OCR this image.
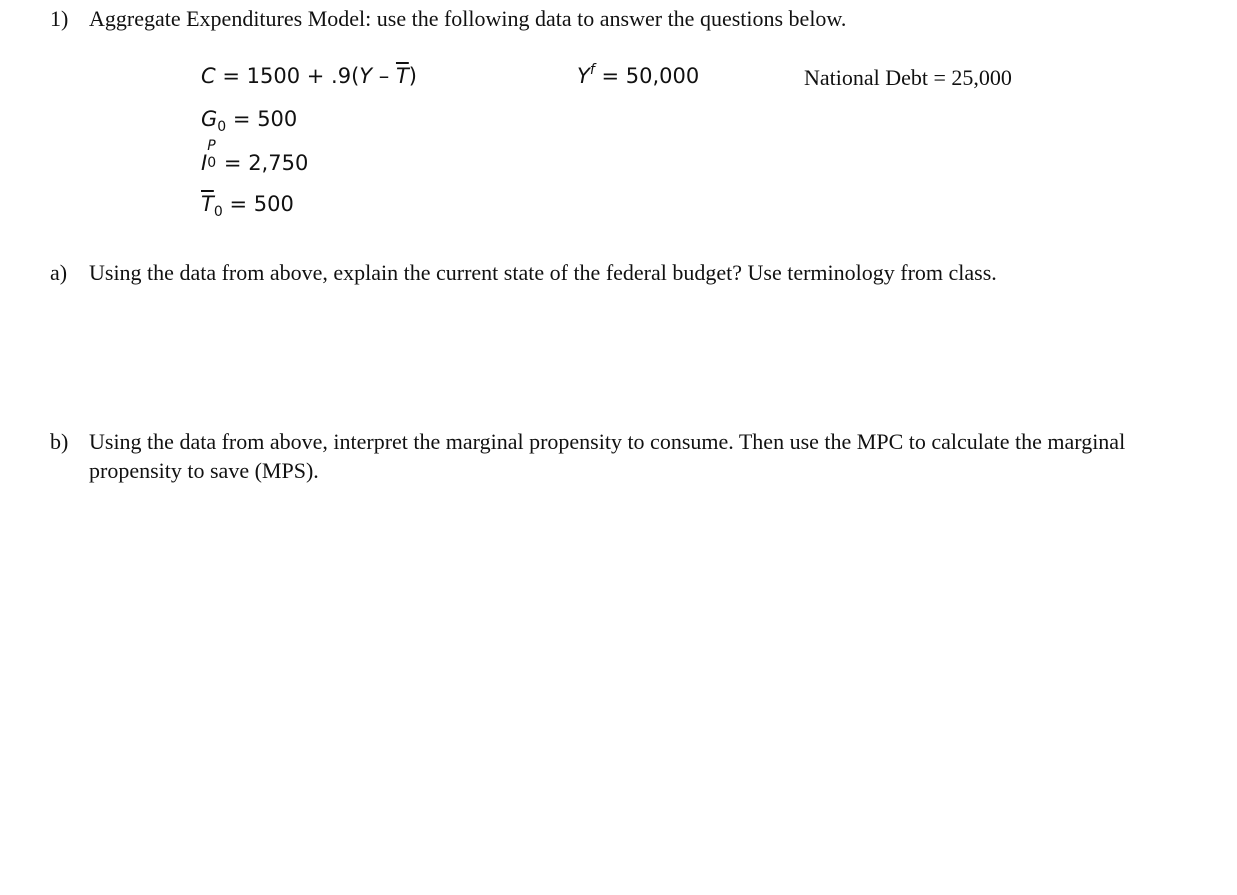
1) Aggregate Expenditures Model: use the following data to answer the questions below.
$C = 1500 + .9(Y - \overline{T})$	$Y^f = 50,000$	National Debt = 25,000
$G_0 = 500$
I
P
0 = 2,750
$\overline{T}_0 = 500$
a) Using the data from above, explain the current state of the federal budget? Use terminology from class.
b) Using the data from above, interpret the marginal propensity to consume. Then use the MPC to calculate the marginal propensity to save (MPS).
